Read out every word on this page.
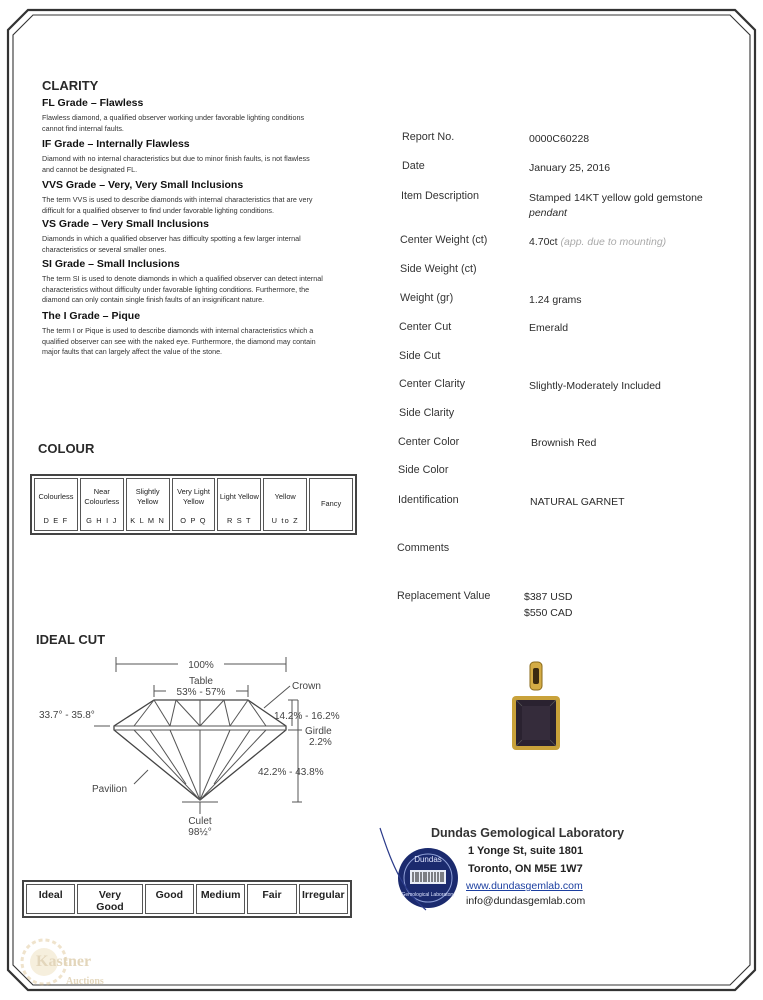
CLARITY
FL Grade – Flawless
Flawless diamond, a qualified observer working under favorable lighting conditions
cannot find internal faults.
IF Grade – Internally Flawless
Diamond with no internal characteristics but due to minor finish faults, is not flawless
and cannot be designated FL.
VVS Grade – Very, Very Small Inclusions
The term VVS is used to describe diamonds with internal characteristics that are very
difficult for a qualified observer to find under favorable lighting conditions.
VS Grade – Very Small Inclusions
Diamonds in which a qualified observer has difficulty spotting a few larger internal
characteristics or several smaller ones.
SI Grade – Small Inclusions
The term SI is used to denote diamonds in which a qualified observer can detect internal
characteristics without difficulty under favorable lighting conditions. Furthermore, the
diamond can only contain single finish faults of an insignificant nature.
The I Grade – Pique
The term I or Pique is used to describe diamonds with internal characteristics which a
qualified observer can see with the naked eye. Furthermore, the diamond may contain
major faults that can largely affect the value of the stone.
COLOUR
Colourless
D E F
Near Colourless
G H I J
Slightly Yellow
K L M N
Very Light Yellow
O P Q
Light Yellow
R S T
Yellow
U to Z
Fancy
IDEAL CUT
100%
Table
53% - 57%
Crown
33.7° - 35.8°	14.2% - 16.2%
Girdle
2.2%
42.2% - 43.8%
Pavilion
Culet
98½°
Ideal	Very Good
Good	Medium	Fair	Irregular
Report No.	0000C60228
Date	January 25, 2016
Item Description	Stamped 14KT yellow gold gemstone
pendant
Center Weight (ct)	4.70ct (app. due to mounting)
Side Weight (ct)
Weight (gr)	1.24 grams
Center Cut	Emerald
Side Cut
Center Clarity	Slightly-Moderately Included
Side Clarity
Center Color	Brownish Red
Side Color
Identification	NATURAL GARNET
Comments
Replacement Value	$387 USD
$550 CAD
Dundas
Gemological Laboratory
Dundas Gemological Laboratory
1 Yonge St, suite 1801
Toronto, ON M5E 1W7
www.dundasgemlab.com
info@dundasgemlab.com
Kastner
Auctions
